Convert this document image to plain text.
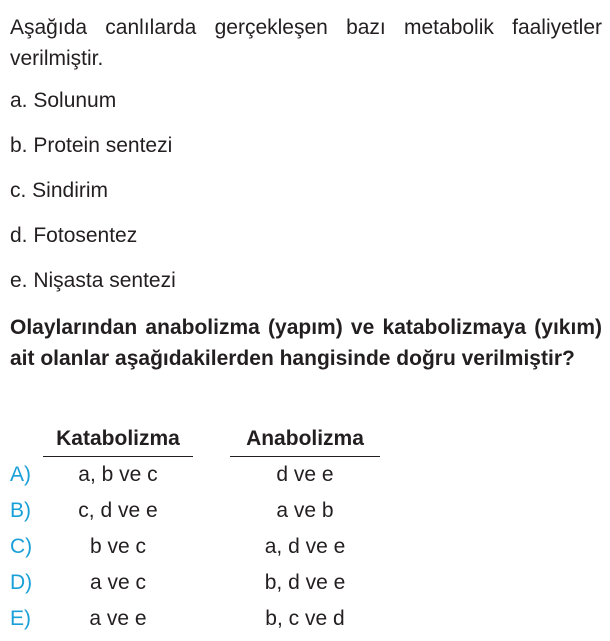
Aşağıda canlılarda gerçekleşen bazı metabolik faaliyetler verilmiştir.
a. Solunum
b. Protein sentezi
c. Sindirim
d. Fotosentez
e. Nişasta sentezi
Olaylarından anabolizma (yapım) ve katabolizmaya (yıkım) ait olanlar aşağıdakilerden hangisinde doğru verilmiştir?
Katabolizma	Anabolizma
A)	a, b ve c	d ve e
B)	c, d ve e	a ve b
C)	b ve c	a, d ve e
D)	a ve c	b, d ve e
E)	a ve e	b, c ve d
